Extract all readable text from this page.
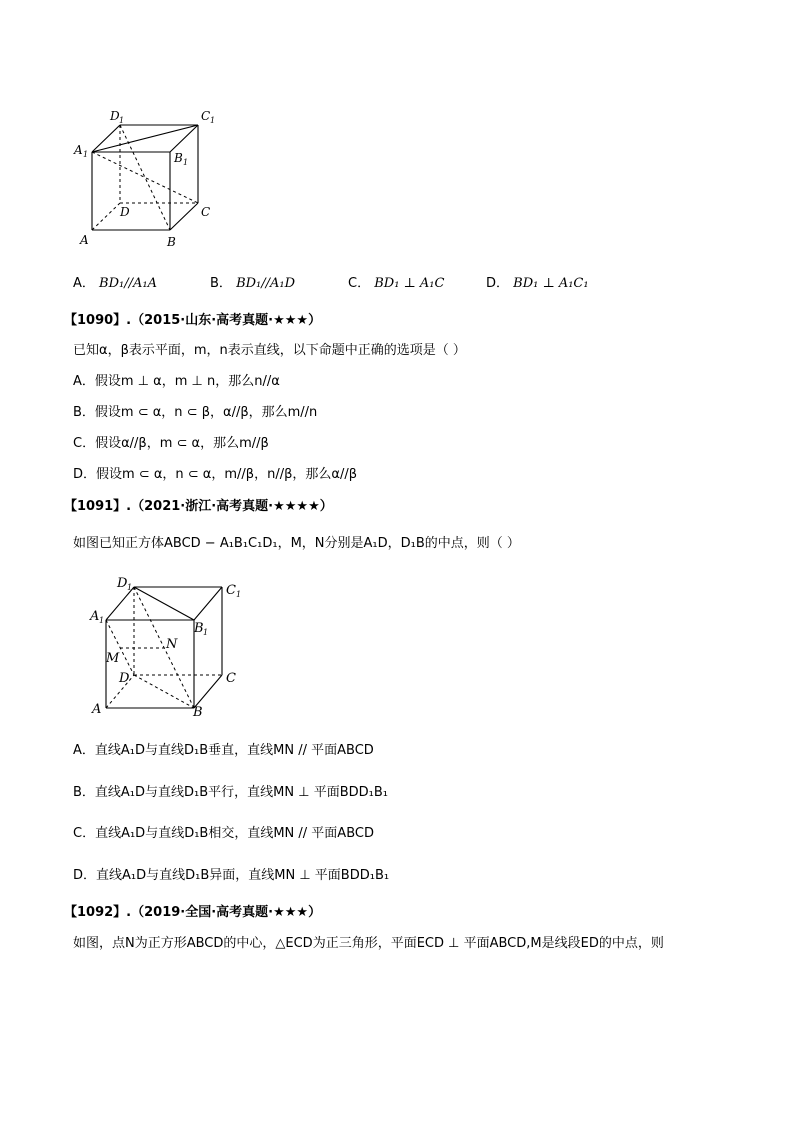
D 1	C 1
A 1	B 1
D	C
A	B
A． BD₁//A₁A	B． BD₁//A₁D	C． BD₁ ⊥ A₁C	D． BD₁ ⊥ A₁C₁
【1090】.（2015·山东·高考真题·★★★）
已知α，β表示平面，m，n表示直线，以下命题中正确的选项是（ ）
A．假设m ⊥ α，m ⊥ n，那么n//α
B．假设m ⊂ α，n ⊂ β，α//β，那么m//n
C．假设α//β，m ⊂ α，那么m//β
D．假设m ⊂ α，n ⊂ α，m//β，n//β，那么α//β
【1091】.（2021·浙江·高考真题·★★★★）
如图已知正方体ABCD − A₁B₁C₁D₁，M，N分别是A₁D，D₁B的中点，则（ ）
D 1	C 1
A 1
B 1
N
M
D	C
A	B
A．直线A₁D与直线D₁B垂直，直线MN // 平面ABCD
B．直线A₁D与直线D₁B平行，直线MN ⊥ 平面BDD₁B₁
C．直线A₁D与直线D₁B相交，直线MN // 平面ABCD
D．直线A₁D与直线D₁B异面，直线MN ⊥ 平面BDD₁B₁
【1092】.（2019·全国·高考真题·★★★）
如图，点N为正方形ABCD的中心，△ECD为正三角形，平面ECD ⊥ 平面ABCD,M是线段ED的中点，则
